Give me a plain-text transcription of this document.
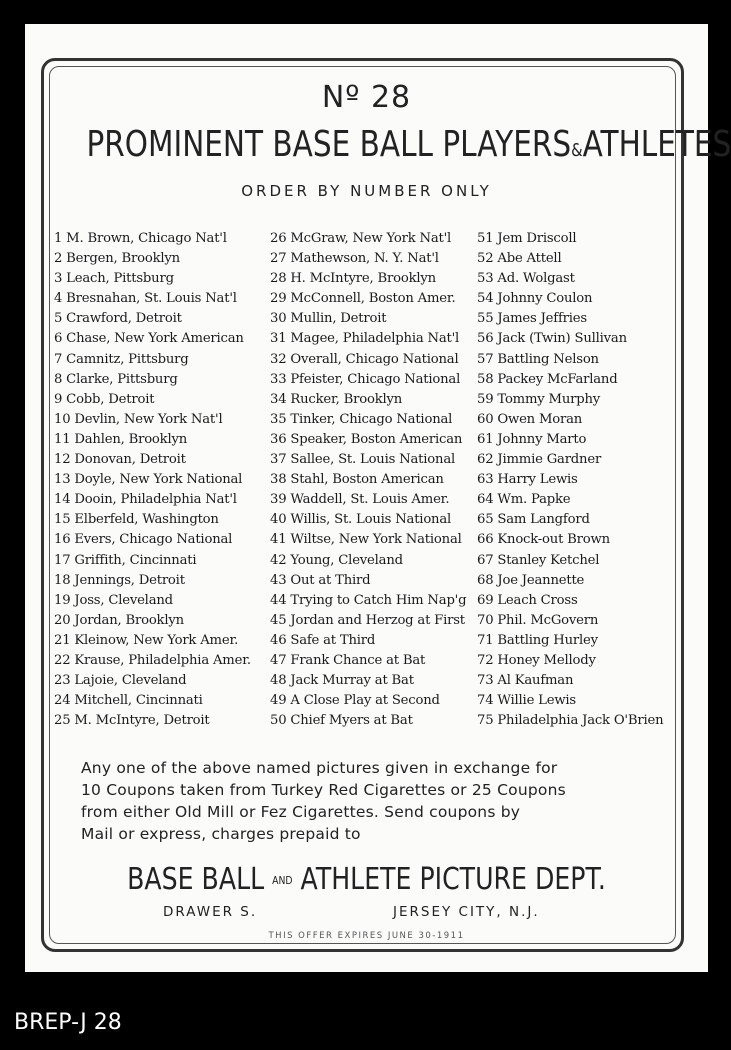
Nº 28
PROMINENT BASE BALL PLAYERS&ATHLETES
ORDER BY NUMBER ONLY
1 M. Brown, Chicago Nat'l
2 Bergen, Brooklyn
3 Leach, Pittsburg
4 Bresnahan, St. Louis Nat'l
5 Crawford, Detroit
6 Chase, New York American
7 Camnitz, Pittsburg
8 Clarke, Pittsburg
9 Cobb, Detroit
10 Devlin, New York Nat'l
11 Dahlen, Brooklyn
12 Donovan, Detroit
13 Doyle, New York National
14 Dooin, Philadelphia Nat'l
15 Elberfeld, Washington
16 Evers, Chicago National
17 Griffith, Cincinnati
18 Jennings, Detroit
19 Joss, Cleveland
20 Jordan, Brooklyn
21 Kleinow, New York Amer.
22 Krause, Philadelphia Amer.
23 Lajoie, Cleveland
24 Mitchell, Cincinnati
25 M. McIntyre, Detroit
26 McGraw, New York Nat'l
27 Mathewson, N. Y. Nat'l
28 H. McIntyre, Brooklyn
29 McConnell, Boston Amer.
30 Mullin, Detroit
31 Magee, Philadelphia Nat'l
32 Overall, Chicago National
33 Pfeister, Chicago National
34 Rucker, Brooklyn
35 Tinker, Chicago National
36 Speaker, Boston American
37 Sallee, St. Louis National
38 Stahl, Boston American
39 Waddell, St. Louis Amer.
40 Willis, St. Louis National
41 Wiltse, New York National
42 Young, Cleveland
43 Out at Third
44 Trying to Catch Him Nap'g
45 Jordan and Herzog at First
46 Safe at Third
47 Frank Chance at Bat
48 Jack Murray at Bat
49 A Close Play at Second
50 Chief Myers at Bat
51 Jem Driscoll
52 Abe Attell
53 Ad. Wolgast
54 Johnny Coulon
55 James Jeffries
56 Jack (Twin) Sullivan
57 Battling Nelson
58 Packey McFarland
59 Tommy Murphy
60 Owen Moran
61 Johnny Marto
62 Jimmie Gardner
63 Harry Lewis
64 Wm. Papke
65 Sam Langford
66 Knock-out Brown
67 Stanley Ketchel
68 Joe Jeannette
69 Leach Cross
70 Phil. McGovern
71 Battling Hurley
72 Honey Mellody
73 Al Kaufman
74 Willie Lewis
75 Philadelphia Jack O'Brien
Any one of the above named pictures given in exchange for
10 Coupons taken from Turkey Red Cigarettes or 25 Coupons
from either Old Mill or Fez Cigarettes. Send coupons by
Mail or express, charges prepaid to
BASE BALL AND ATHLETE PICTURE DEPT.
DRAWER S.	JERSEY CITY, N.J.
THIS OFFER EXPIRES JUNE 30-1911
BREP-J 28
